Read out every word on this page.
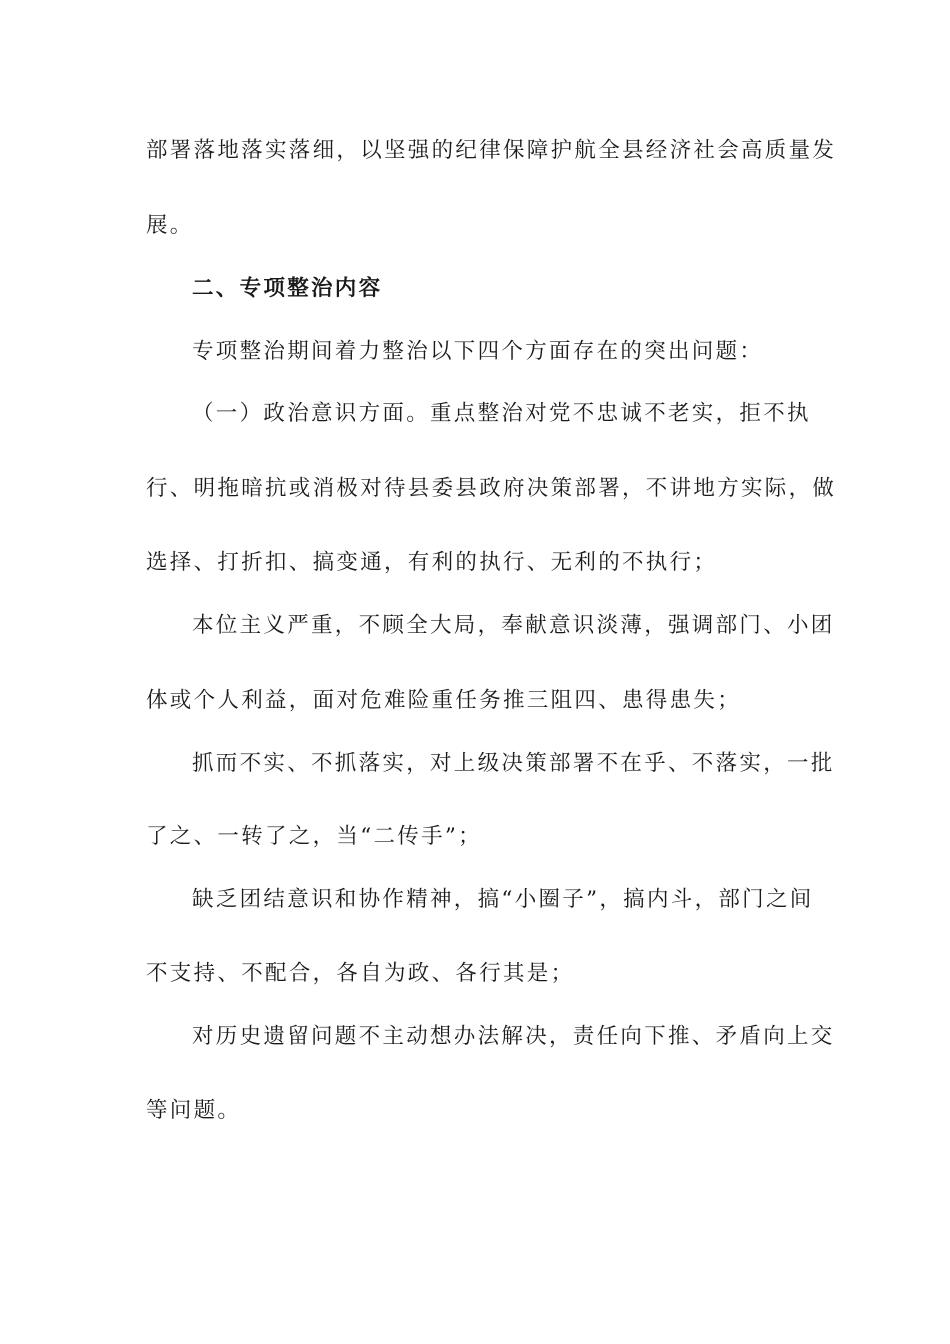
部署落地落实落细，以坚强的纪律保障护航全县经济社会高质量发
展。
二、专项整治内容
专项整治期间着力整治以下四个方面存在的突出问题：
（一）政治意识方面。重点整治对党不忠诚不老实，拒不执
行、明拖暗抗或消极对待县委县政府决策部署，不讲地方实际，做
选择、打折扣、搞变通，有利的执行、无利的不执行；
本位主义严重，不顾全大局，奉献意识淡薄，强调部门、小团
体或个人利益，面对危难险重任务推三阻四、患得患失；
抓而不实、不抓落实，对上级决策部署不在乎、不落实，一批
了之、一转了之，当“二传手”；
缺乏团结意识和协作精神，搞“小圈子”，搞内斗，部门之间
不支持、不配合，各自为政、各行其是；
对历史遗留问题不主动想办法解决，责任向下推、矛盾向上交
等问题。
